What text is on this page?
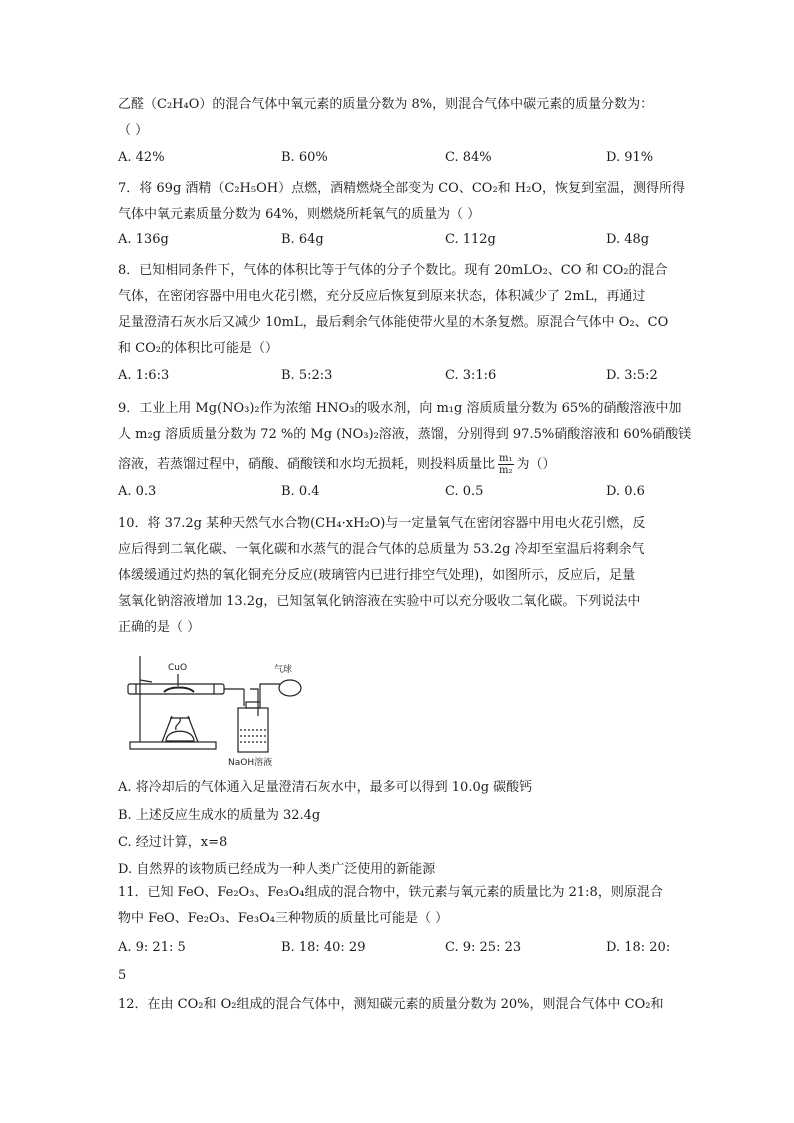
乙醛（C₂H₄O）的混合气体中氧元素的质量分数为 8%，则混合气体中碳元素的质量分数为：
（ ）
A. 42%	B. 60%	C. 84%	D. 91%
7．将 69g 酒精（C₂H₅OH）点燃，酒精燃烧全部变为 CO、CO₂和 H₂O，恢复到室温，测得所得
气体中氧元素质量分数为 64%，则燃烧所耗氧气的质量为（ ）
A. 136g	B. 64g	C. 112g	D. 48g
8．已知相同条件下，气体的体积比等于气体的分子个数比。现有 20mLO₂、CO 和 CO₂的混合
气体，在密闭容器中用电火花引燃，充分反应后恢复到原来状态，体积减少了 2mL，再通过
足量澄清石灰水后又减少 10mL，最后剩余气体能使带火星的木条复燃。原混合气体中 O₂、CO
和 CO₂的体积比可能是（）
A. 1:6:3	B. 5:2:3	C. 3:1:6	D. 3:5:2
9．工业上用 Mg(NO₃)₂作为浓缩 HNO₃的吸水剂，向 m₁g 溶质质量分数为 65%的硝酸溶液中加
人 m₂g 溶质质量分数为 72 %的 Mg (NO₃)₂溶液，蒸馏，分别得到 97.5%硝酸溶液和 60%硝酸镁
溶液，若蒸馏过程中，硝酸、硝酸镁和水均无损耗，则投料质量比 $\frac{\text{m₁}}{\text{m₂}}$ 为（）
A. 0.3	B. 0.4	C. 0.5	D. 0.6
10．将 37.2g 某种天然气水合物(CH₄·xH₂O)与一定量氧气在密闭容器中用电火花引燃，反
应后得到二氧化碳、一氧化碳和水蒸气的混合气体的总质量为 53.2g 冷却至室温后将剩余气
体缓缓通过灼热的氧化铜充分反应(玻璃管内已进行排空气处理)，如图所示，反应后，足量
氢氧化钠溶液增加 13.2g，已知氢氧化钠溶液在实验中可以充分吸收二氧化碳。下列说法中
正确的是（ ）
CuO	气球
NaOH溶液
A. 将冷却后的气体通入足量澄清石灰水中，最多可以得到 10.0g 碳酸钙
B. 上述反应生成水的质量为 32.4g
C. 经过计算，x=8
D. 自然界的该物质已经成为一种人类广泛使用的新能源
11．已知 FeO、Fe₂O₃、Fe₃O₄组成的混合物中，铁元素与氧元素的质量比为 21:8，则原混合
物中 FeO、Fe₂O₃、Fe₃O₄三种物质的质量比可能是（ ）
A. 9: 21: 5	B. 18: 40: 29	C. 9: 25: 23	D. 18: 20:
5
12．在由 CO₂和 O₂组成的混合气体中，测知碳元素的质量分数为 20%，则混合气体中 CO₂和
